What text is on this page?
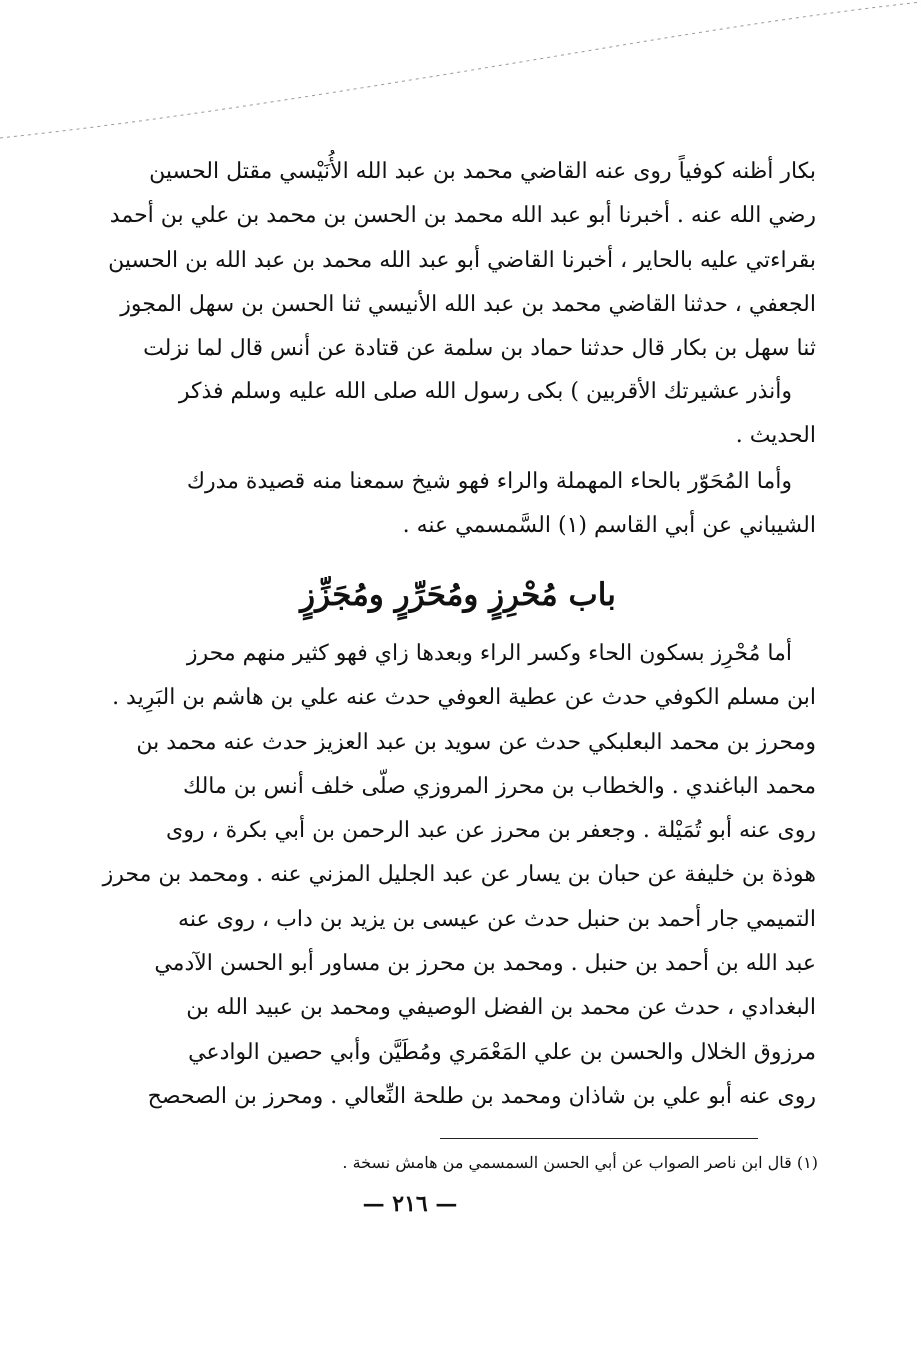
بكار أظنه كوفياً روى عنه القاضي محمد بن عبد الله الأُنَيْسي مقتل الحسين
رضي الله عنه . أخبرنا أبو عبد الله محمد بن الحسن بن محمد بن علي بن أحمد
بقراءتي عليه بالحاير ، أخبرنا القاضي أبو عبد الله محمد بن عبد الله بن الحسين
الجعفي ، حدثنا القاضي محمد بن عبد الله الأنيسي ثنا الحسن بن سهل المجوز
ثنا سهل بن بكار قال حدثنا حماد بن سلمة عن قتادة عن أنس قال لما نزلت
وأنذر عشيرتك الأقربين ) بكى رسول الله صلى الله عليه وسلم فذكر
الحديث .
وأما المُحَوّر بالحاء المهملة والراء فهو شيخ سمعنا منه قصيدة مدرك
الشيباني عن أبي القاسم (١) السَّمسمي عنه .
باب مُحْرِزٍ ومُحَرِّرٍ ومُجَزِّزٍ
أما مُحْرِز بسكون الحاء وكسر الراء وبعدها زاي فهو كثير منهم محرز
ابن مسلم الكوفي حدث عن عطية العوفي حدث عنه علي بن هاشم بن البَرِيد .
ومحرز بن محمد البعلبكي حدث عن سويد بن عبد العزيز حدث عنه محمد بن
محمد الباغندي . والخطاب بن محرز المروزي صلّى خلف أنس بن مالك
روى عنه أبو تُمَيْلة . وجعفر بن محرز عن عبد الرحمن بن أبي بكرة ، روى
هوذة بن خليفة عن حبان بن يسار عن عبد الجليل المزني عنه . ومحمد بن محرز
التميمي جار أحمد بن حنبل حدث عن عيسى بن يزيد بن داب ، روى عنه
عبد الله بن أحمد بن حنبل . ومحمد بن محرز بن مساور أبو الحسن الآدمي
البغدادي ، حدث عن محمد بن الفضل الوصيفي ومحمد بن عبيد الله بن
مرزوق الخلال والحسن بن علي المَعْمَري ومُطَيَّن وأبي حصين الوادعي
روى عنه أبو علي بن شاذان ومحمد بن طلحة النِّعالي . ومحرز بن الصحصح
(١) قال ابن ناصر الصواب عن أبي الحسن السمسمي من هامش نسخة .
— ٢١٦ —
